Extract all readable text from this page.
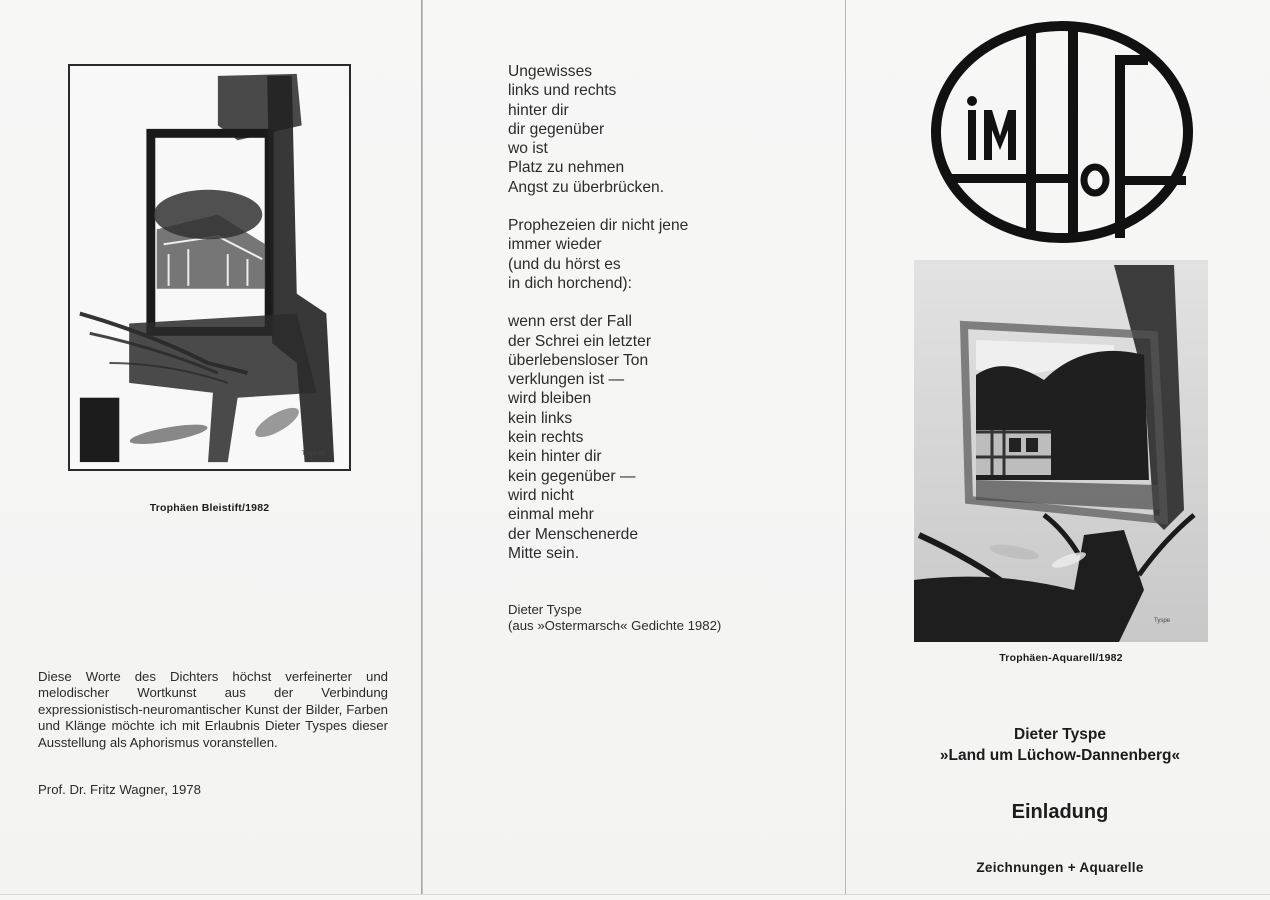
Tyspe 82
Trophäen Bleistift/1982

Diese Worte des Dichters höchst verfeinerter und melodischer Wortkunst aus der Verbindung expressionistisch-neuromantischer Kunst der Bilder, Farben und Klänge möchte ich mit Erlaubnis Dieter Tyspes dieser Ausstellung als Aphorismus voranstellen.

Prof. Dr. Fritz Wagner, 1978
Ungewisses
links und rechts
hinter dir
dir gegenüber
wo ist
Platz zu nehmen
Angst zu überbrücken.
Prophezeien dir nicht jene
immer wieder
(und du hörst es
in dich horchend):
wenn erst der Fall
der Schrei ein letzter
überlebensloser Ton
verklungen ist —
wird bleiben
kein links
kein rechts
kein hinter dir
kein gegenüber —
wird nicht
einmal mehr
der Menschenerde
Mitte sein.
Dieter Tyspe
(aus »Ostermarsch« Gedichte 1982)	Tyspe
Trophäen-Aquarell/1982
Dieter Tyspe
»Land um Lüchow-Dannenberg«
Einladung
Zeichnungen + Aquarelle
